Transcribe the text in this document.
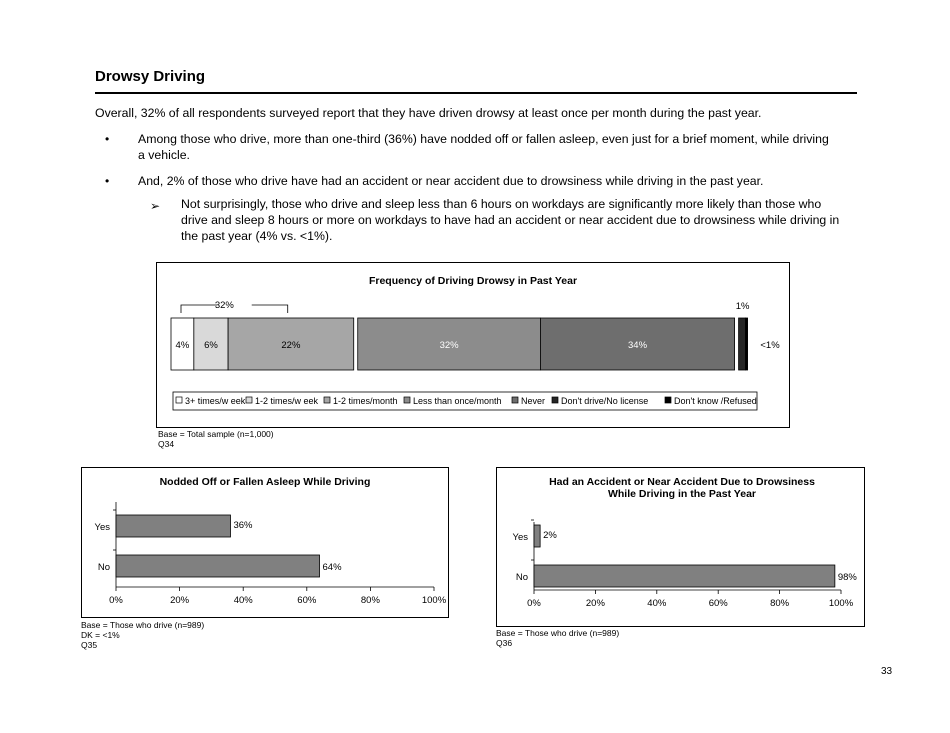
Drowsy Driving
Overall, 32% of all respondents surveyed report that they have driven drowsy at least once per month during the past year.
• Among those who drive, more than one-third (36%) have nodded off or fallen asleep, even just for a brief moment, while driving a vehicle.
• And, 2% of those who drive have had an accident or near accident due to drowsiness while driving in the past year.
➢ Not surprisingly, those who drive and sleep less than 6 hours on workdays are significantly more likely than those who drive and sleep 8 hours or more on workdays to have had an accident or near accident due to drowsiness while driving in the past year (4% vs. <1%).
Frequency of Driving Drowsy in Past Year
4% 6%	22%	32%	34%
1%
<1%
32%
3+ times/w eek 1-2 times/w eek 1-2 times/month Less than once/month Never Don't drive/No license	Don't know /Refused
Base = Total sample (n=1,000)
Q34
Nodded Off or Fallen Asleep While Driving
0%	20%	40%	60%	80%	100%
Yes	36%
No	64%
Base = Those who drive (n=989)
DK = <1%
Q35
Had an Accident or Near Accident Due to Drowsiness
While Driving in the Past Year
0%	20%	40%	60%	80%	100%
Yes 2%
No	98%
Base = Those who drive (n=989)
Q36
33
